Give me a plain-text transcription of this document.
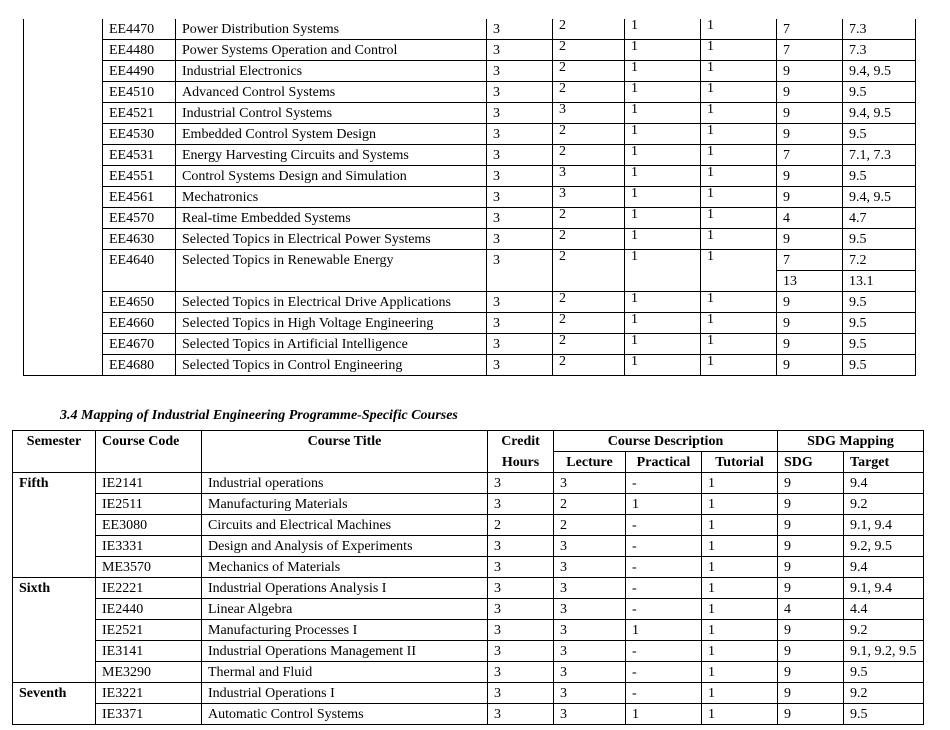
	EE4470	Power Distribution Systems	3	2	1	1	7	7.3
	EE4480	Power Systems Operation and Control	3	2	1	1	7	7.3
	EE4490	Industrial Electronics	3	2	1	1	9	9.4, 9.5
	EE4510	Advanced Control Systems	3	2	1	1	9	9.5
	EE4521	Industrial Control Systems	3	3	1	1	9	9.4, 9.5
	EE4530	Embedded Control System Design	3	2	1	1	9	9.5
	EE4531	Energy Harvesting Circuits and Systems	3	2	1	1	7	7.1, 7.3
	EE4551	Control Systems Design and Simulation	3	3	1	1	9	9.5
	EE4561	Mechatronics	3	3	1	1	9	9.4, 9.5
	EE4570	Real-time Embedded Systems	3	2	1	1	4	4.7
	EE4630	Selected Topics in Electrical Power Systems	3	2	1	1	9	9.5
	EE4640	Selected Topics in Renewable Energy	3	2	1	1	7	7.2
							13	13.1
	EE4650	Selected Topics in Electrical Drive Applications	3	2	1	1	9	9.5
	EE4660	Selected Topics in High Voltage Engineering	3	2	1	1	9	9.5
	EE4670	Selected Topics in Artificial Intelligence	3	2	1	1	9	9.5
	EE4680	Selected Topics in Control Engineering	3	2	1	1	9	9.5
3.4 Mapping of Industrial Engineering Programme-Specific Courses
Semester	Course Code	Course Title	Credit	Course Description			SDG Mapping	
			Hours	Lecture	Practical	Tutorial	SDG	Target
Fifth	IE2141	Industrial operations	3	3	-	1	9	9.4
	IE2511	Manufacturing Materials	3	2	1	1	9	9.2
	EE3080	Circuits and Electrical Machines	2	2	-	1	9	9.1, 9.4
	IE3331	Design and Analysis of Experiments	3	3	-	1	9	9.2, 9.5
	ME3570	Mechanics of Materials	3	3	-	1	9	9.4
Sixth	IE2221	Industrial Operations Analysis I	3	3	-	1	9	9.1, 9.4
	IE2440	Linear Algebra	3	3	-	1	4	4.4
	IE2521	Manufacturing Processes I	3	3	1	1	9	9.2
	IE3141	Industrial Operations Management II	3	3	-	1	9	9.1, 9.2, 9.5
	ME3290	Thermal and Fluid	3	3	-	1	9	9.5
Seventh	IE3221	Industrial Operations I	3	3	-	1	9	9.2
	IE3371	Automatic Control Systems	3	3	1	1	9	9.5
